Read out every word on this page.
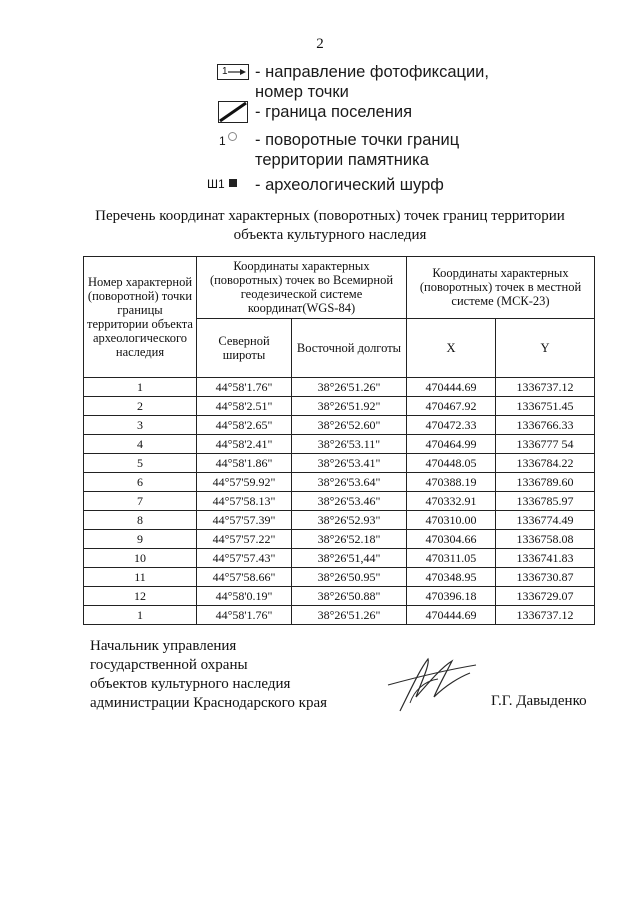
2
1 - направление фотофиксации,
номер точки
- граница поселения
1 - поворотные точки границ
территории памятника
Ш1 - археологический шурф
Перечень координат характерных (поворотных) точек границ территории
объекта культурного наследия
Номер характерной (поворотной) точки границы территории объекта археологического наследия	Координаты характерных (поворотных) точек во Всемирной геодезической системе координат(WGS-84)		Координаты характерных (поворотных) точек в местной системе (МСК-23)	

	Северной широты	Восточной долготы	X	Y

1	44°58'1.76"	38°26'51.26"	470444.69	1336737.12
2	44°58'2.51"	38°26'51.92"	470467.92	1336751.45
3	44°58'2.65"	38°26'52.60"	470472.33	1336766.33
4	44°58'2.41"	38°26'53.11"	470464.99	1336777 54
5	44°58'1.86"	38°26'53.41"	470448.05	1336784.22
6	44°57'59.92"	38°26'53.64"	470388.19	1336789.60
7	44°57'58.13"	38°26'53.46"	470332.91	1336785.97
8	44°57'57.39"	38°26'52.93"	470310.00	1336774.49
9	44°57'57.22"	38°26'52.18"	470304.66	1336758.08
10	44°57'57.43"	38°26'51,44"	470311.05	1336741.83
11	44°57'58.66"	38°26'50.95"	470348.95	1336730.87
12	44°58'0.19"	38°26'50.88"	470396.18	1336729.07
1	44°58'1.76"	38°26'51.26"	470444.69	1336737.12
Начальник управления
государственной охраны
объектов культурного наследия
администрации Краснодарского края	Г.Г. Давыденко
